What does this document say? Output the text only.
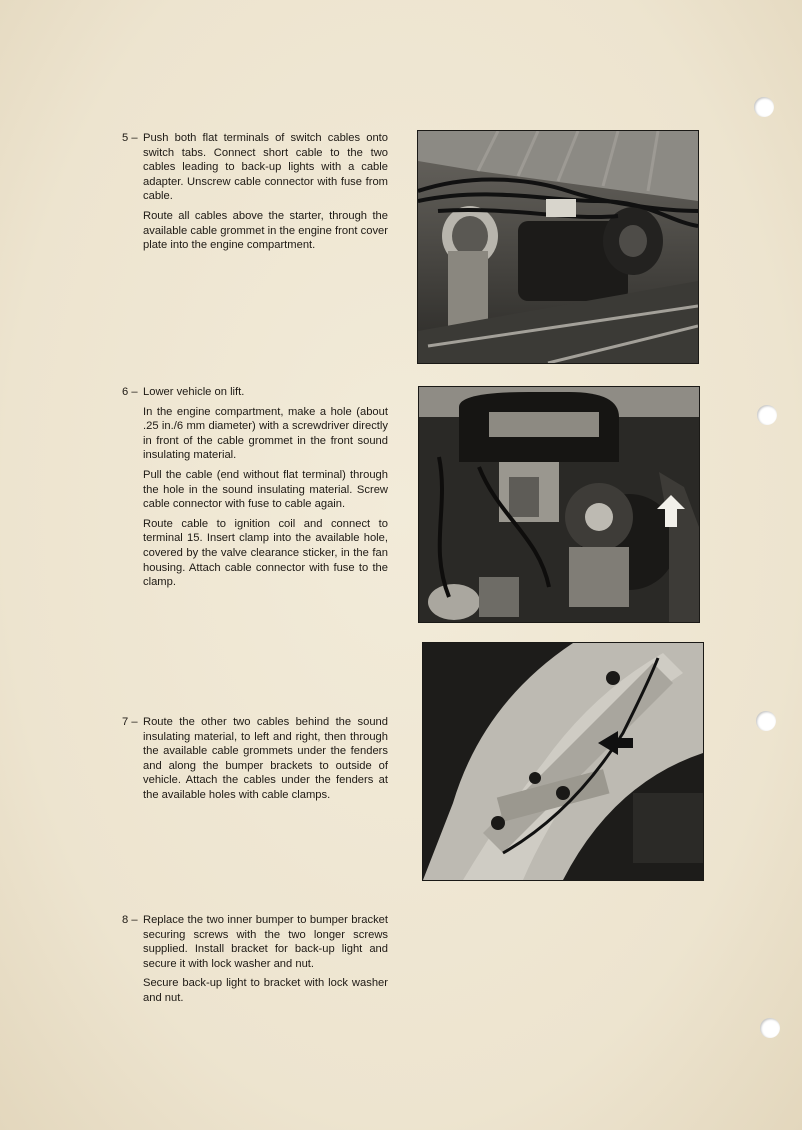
5 – Push both flat terminals of switch cables onto switch tabs. Connect short cable to the two cables leading to back-up lights with a cable adapter. Unscrew cable connector with fuse from cable.

Route all cables above the starter, through the available cable grommet in the engine front cover plate into the engine compartment.

6 – Lower vehicle on lift.

In the engine compartment, make a hole (about .25 in./6 mm diameter) with a screwdriver directly in front of the cable grommet in the front sound insulating material.

Pull the cable (end without flat terminal) through the hole in the sound insulating material. Screw cable connector with fuse to cable again.

Route cable to ignition coil and connect to terminal 15. Insert clamp into the available hole, covered by the valve clearance sticker, in the fan housing. Attach cable connector with fuse to the clamp.

7 – Route the other two cables behind the sound insulating material, to left and right, then through the available cable grommets under the fenders and along the bumper brackets to outside of vehicle. Attach the cables under the fenders at the available holes with cable clamps.

8 – Replace the two inner bumper to bumper bracket securing screws with the two longer screws supplied. Install bracket for back-up light and secure it with lock washer and nut.

Secure back-up light to bracket with lock washer and nut.
